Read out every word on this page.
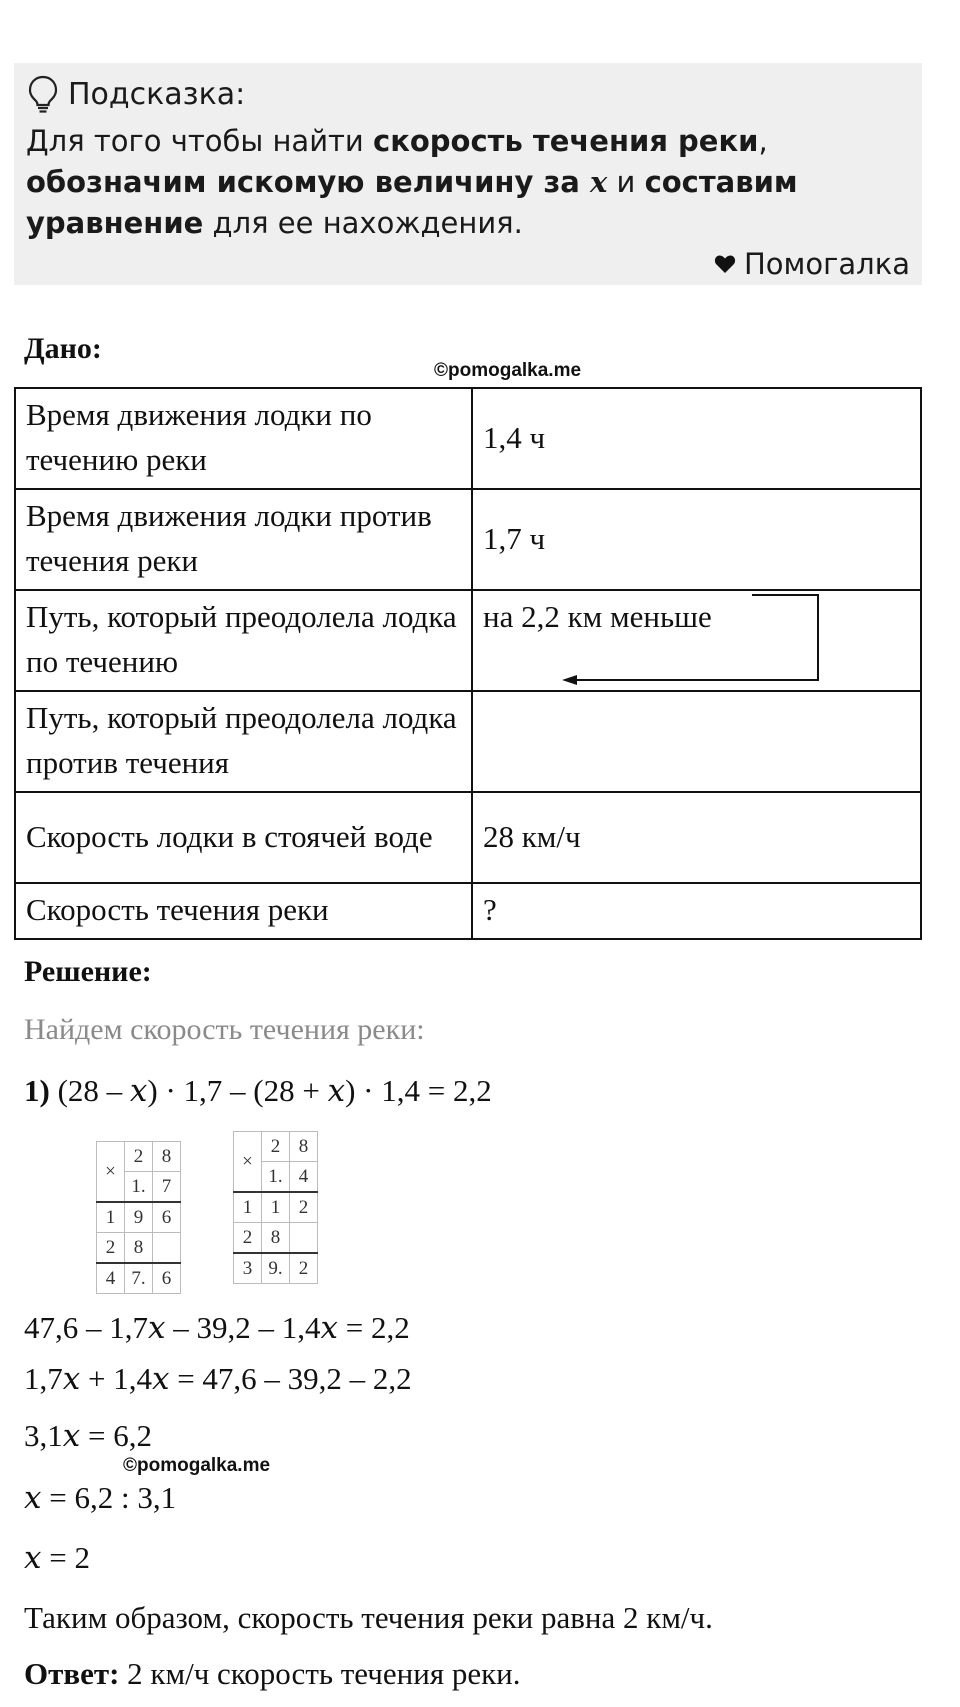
Подсказка:
Для того чтобы найти скорость течения реки, обозначим искомую величину за x и составим уравнение для ее нахождения.
Помогалка
Дано:
©pomogalka.me
Время движения лодки по течению реки	1,4 ч
Время движения лодки против течения реки	1,7 ч
Путь, который преодолела лодка по течению	на 2,2 км меньше
Путь, который преодолела лодка против течения	
Скорость лодки в стоячей воде	28 км/ч
Скорость течения реки	?
Решение:
Найдем скорость течения реки:
1) (28 – x) · 1,7 – (28 + x) · 1,4 = 2,2
×	2	8
	1.	7
1	9	6
2	8	
4	7.	6
×	2	8
	1.	4
1	1	2
2	8	
3	9.	2
47,6 – 1,7x – 39,2 – 1,4x = 2,2
1,7x + 1,4x = 47,6 – 39,2 – 2,2
3,1x = 6,2
©pomogalka.me
x = 6,2 : 3,1
x = 2
Таким образом, скорость течения реки равна 2 км/ч.
Ответ: 2 км/ч скорость течения реки.
